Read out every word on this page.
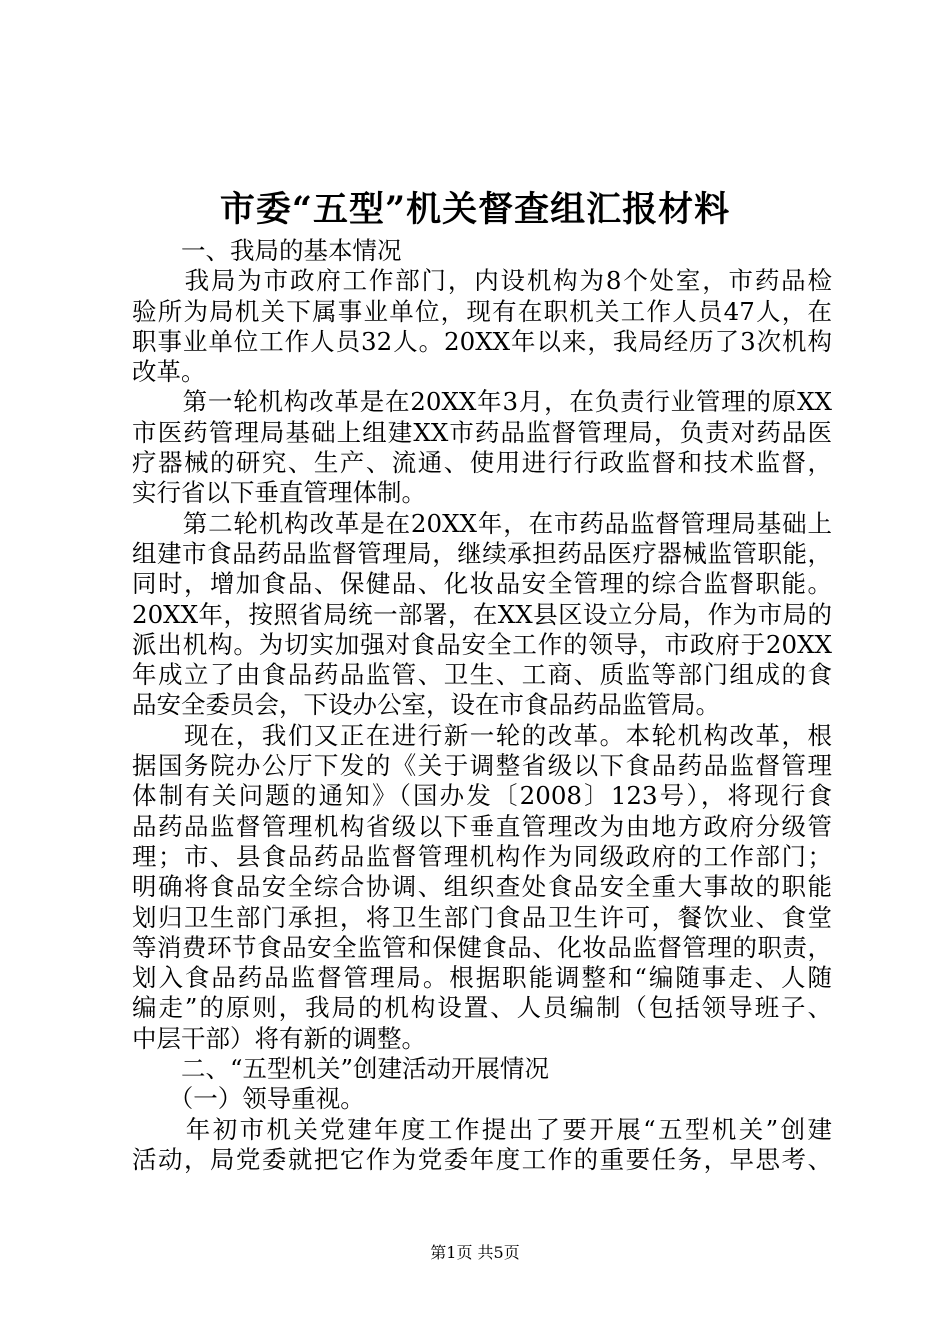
市委“五型”机关督查组汇报材料
　　一、我局的基本情况
　　我局为市政府工作部门，内设机构为8个处室，市药品检
验所为局机关下属事业单位，现有在职机关工作人员47人，在
职事业单位工作人员32人。20XX年以来，我局经历了3次机构
改革。
　　第一轮机构改革是在20XX年3月，在负责行业管理的原XX
市医药管理局基础上组建XX市药品监督管理局，负责对药品医
疗器械的研究、生产、流通、使用进行行政监督和技术监督，
实行省以下垂直管理体制。
　　第二轮机构改革是在20XX年，在市药品监督管理局基础上
组建市食品药品监督管理局，继续承担药品医疗器械监管职能，
同时，增加食品、保健品、化妆品安全管理的综合监督职能。
20XX年，按照省局统一部署，在XX县区设立分局，作为市局的
派出机构。为切实加强对食品安全工作的领导，市政府于20XX
年成立了由食品药品监管、卫生、工商、质监等部门组成的食
品安全委员会，下设办公室，设在市食品药品监管局。
　　现在，我们又正在进行新一轮的改革。本轮机构改革，根
据国务院办公厅下发的《关于调整省级以下食品药品监督管理
体制有关问题的通知》（国办发〔2008〕123号），将现行食
品药品监督管理机构省级以下垂直管理改为由地方政府分级管
理；市、县食品药品监督管理机构作为同级政府的工作部门；
明确将食品安全综合协调、组织查处食品安全重大事故的职能
划归卫生部门承担，将卫生部门食品卫生许可，餐饮业、食堂
等消费环节食品安全监管和保健食品、化妆品监督管理的职责，
划入食品药品监督管理局。根据职能调整和“编随事走、人随
编走”的原则，我局的机构设置、人员编制（包括领导班子、
中层干部）将有新的调整。
　　二、“五型机关”创建活动开展情况
　　（一）领导重视。
　　年初市机关党建年度工作提出了要开展“五型机关”创建
活动，局党委就把它作为党委年度工作的重要任务，早思考、
第1页 共5页
